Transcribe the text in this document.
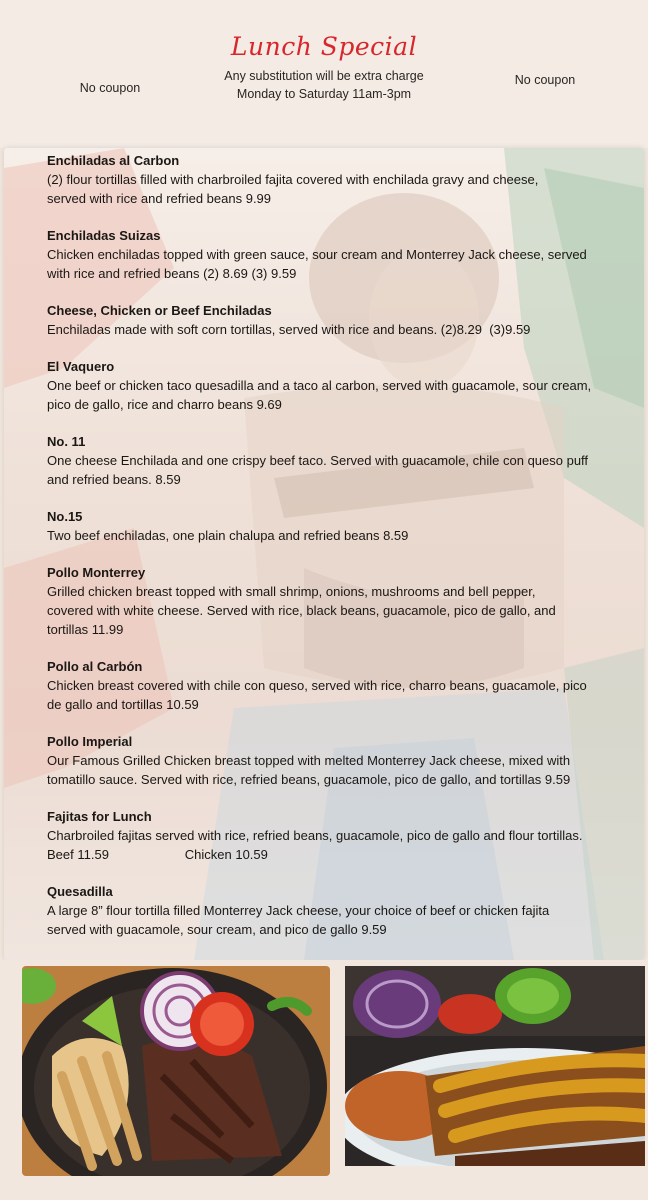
Lunch Special
No coupon
Any substitution will be extra charge
Monday to Saturday 11am-3pm
No coupon
Enchiladas al Carbon
(2) flour tortillas filled with charbroiled fajita covered with enchilada gravy and cheese,
served with rice and refried beans 9.99
Enchiladas Suizas
Chicken enchiladas topped with green sauce, sour cream and Monterrey Jack cheese, served
with rice and refried beans (2) 8.69 (3) 9.59
Cheese, Chicken or Beef Enchiladas
Enchiladas made with soft corn tortillas, served with rice and beans. (2)8.29  (3)9.59
El Vaquero
One beef or chicken taco quesadilla and a taco al carbon, served with guacamole, sour cream,
pico de gallo, rice and charro beans 9.69
No. 11
One cheese Enchilada and one crispy beef taco. Served with guacamole, chile con queso puff
and refried beans. 8.59
No.15
Two beef enchiladas, one plain chalupa and refried beans 8.59
Pollo Monterrey
Grilled chicken breast topped with small shrimp, onions, mushrooms and bell pepper,
covered with white cheese. Served with rice, black beans, guacamole, pico de gallo, and
tortillas 11.99
Pollo al Carbón
Chicken breast covered with chile con queso, served with rice, charro beans, guacamole, pico
de gallo and tortillas 10.59
Pollo Imperial
Our Famous Grilled Chicken breast topped with melted Monterrey Jack cheese, mixed with
tomatillo sauce. Served with rice, refried beans, guacamole, pico de gallo, and tortillas 9.59
Fajitas for Lunch
Charbroiled fajitas served with rice, refried beans, guacamole, pico de gallo and flour tortillas.
Beef 11.59                     Chicken 10.59
Quesadilla
A large 8” flour tortilla filled Monterrey Jack cheese, your choice of beef or chicken fajita
served with guacamole, sour cream, and pico de gallo 9.59
